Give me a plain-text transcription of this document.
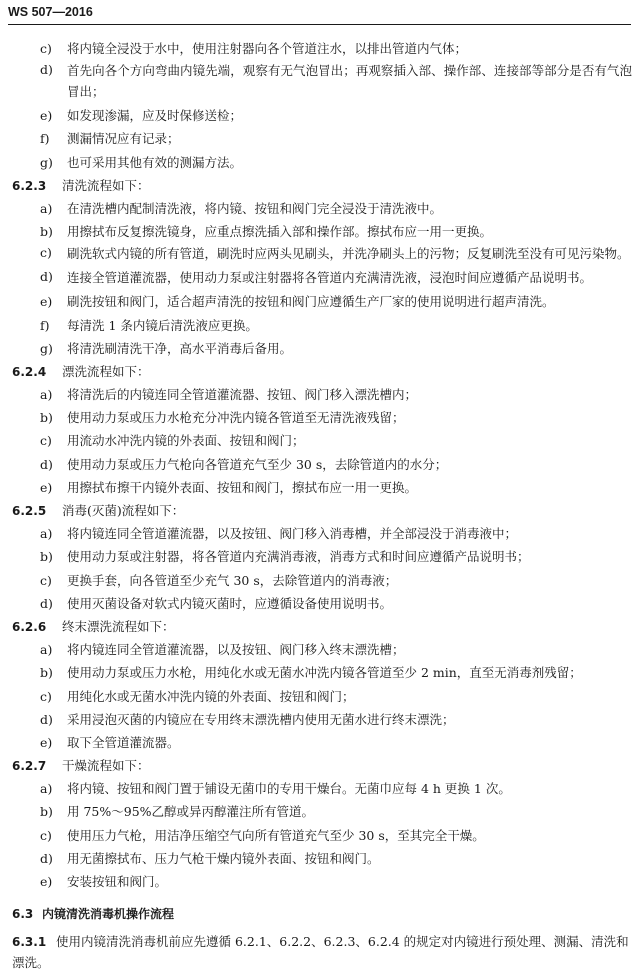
WS 507—2016
c)	将内镜全浸没于水中，使用注射器向各个管道注水，以排出管道内气体；
d)	首先向各个方向弯曲内镜先端，观察有无气泡冒出；再观察插入部、操作部、连接部等部分是否有气泡冒出；
e)	如发现渗漏，应及时保修送检；
f)	测漏情况应有记录；
g)	也可采用其他有效的测漏方法。
6.2.3 清洗流程如下：
a)	在清洗槽内配制清洗液，将内镜、按钮和阀门完全浸没于清洗液中。
b)	用擦拭布反复擦洗镜身，应重点擦洗插入部和操作部。擦拭布应一用一更换。
c)	刷洗软式内镜的所有管道，刷洗时应两头见刷头，并洗净刷头上的污物；反复刷洗至没有可见污染物。
d)	连接全管道灌流器，使用动力泵或注射器将各管道内充满清洗液，浸泡时间应遵循产品说明书。
e)	刷洗按钮和阀门，适合超声清洗的按钮和阀门应遵循生产厂家的使用说明进行超声清洗。
f)	每清洗 1 条内镜后清洗液应更换。
g)	将清洗刷清洗干净，高水平消毒后备用。
6.2.4 漂洗流程如下：
a)	将清洗后的内镜连同全管道灌流器、按钮、阀门移入漂洗槽内；
b)	使用动力泵或压力水枪充分冲洗内镜各管道至无清洗液残留；
c)	用流动水冲洗内镜的外表面、按钮和阀门；
d)	使用动力泵或压力气枪向各管道充气至少 30 s，去除管道内的水分；
e)	用擦拭布擦干内镜外表面、按钮和阀门，擦拭布应一用一更换。
6.2.5 消毒(灭菌)流程如下：
a)	将内镜连同全管道灌流器，以及按钮、阀门移入消毒槽，并全部浸没于消毒液中；
b)	使用动力泵或注射器，将各管道内充满消毒液，消毒方式和时间应遵循产品说明书；
c)	更换手套，向各管道至少充气 30 s，去除管道内的消毒液；
d)	使用灭菌设备对软式内镜灭菌时，应遵循设备使用说明书。
6.2.6 终末漂洗流程如下：
a)	将内镜连同全管道灌流器，以及按钮、阀门移入终末漂洗槽；
b)	使用动力泵或压力水枪，用纯化水或无菌水冲洗内镜各管道至少 2 min，直至无消毒剂残留；
c)	用纯化水或无菌水冲洗内镜的外表面、按钮和阀门；
d)	采用浸泡灭菌的内镜应在专用终末漂洗槽内使用无菌水进行终末漂洗；
e)	取下全管道灌流器。
6.2.7 干燥流程如下：
a)	将内镜、按钮和阀门置于铺设无菌巾的专用干燥台。无菌巾应每 4 h 更换 1 次。
b)	用 75%～95%乙醇或异丙醇灌注所有管道。
c)	使用压力气枪，用洁净压缩空气向所有管道充气至少 30 s，至其完全干燥。
d)	用无菌擦拭布、压力气枪干燥内镜外表面、按钮和阀门。
e)	安装按钮和阀门。
6.3 内镜清洗消毒机操作流程
6.3.1 使用内镜清洗消毒机前应先遵循 6.2.1、6.2.2、6.2.3、6.2.4 的规定对内镜进行预处理、测漏、清洗和漂洗。
